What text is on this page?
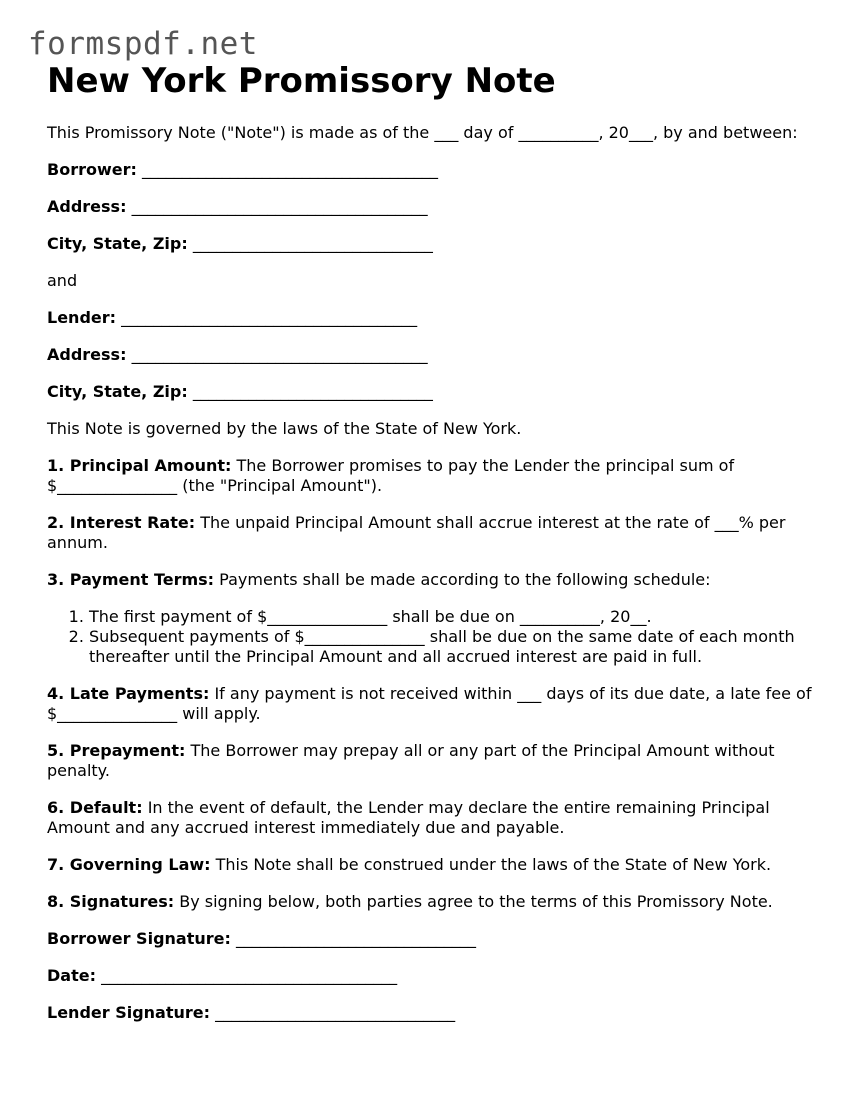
formspdf.net
New York Promissory Note

This Promissory Note ("Note") is made as of the ___ day of __________, 20___, by and between:

Borrower: _____________________________________

Address: _____________________________________

City, State, Zip: ______________________________

and

Lender: _____________________________________

Address: _____________________________________

City, State, Zip: ______________________________

This Note is governed by the laws of the State of New York.

1. Principal Amount: The Borrower promises to pay the Lender the principal sum of $_______________ (the "Principal Amount").

2. Interest Rate: The unpaid Principal Amount shall accrue interest at the rate of ___% per annum.

3. Payment Terms: Payments shall be made according to the following schedule:

1. The first payment of $_______________ shall be due on __________, 20__.
2. Subsequent payments of $_______________ shall be due on the same date of each month thereafter until the Principal Amount and all accrued interest are paid in full.

4. Late Payments: If any payment is not received within ___ days of its due date, a late fee of $_______________ will apply.

5. Prepayment: The Borrower may prepay all or any part of the Principal Amount without penalty.

6. Default: In the event of default, the Lender may declare the entire remaining Principal Amount and any accrued interest immediately due and payable.

7. Governing Law: This Note shall be construed under the laws of the State of New York.

8. Signatures: By signing below, both parties agree to the terms of this Promissory Note.

Borrower Signature: ______________________________

Date: _____________________________________

Lender Signature: ______________________________
